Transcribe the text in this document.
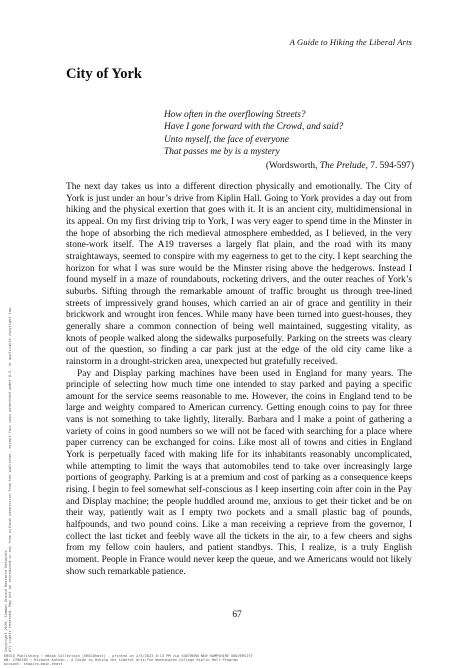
A Guide to Hiking the Liberal Arts
City of York
How often in the overflowing Streets?
Have I gone forward with the Crowd, and said?
Unto myself, the face of everyone
That passes me by is a mystery
(Wordsworth, The Prelude, 7. 594-597)

The next day takes us into a different direction physically and emotionally. The City of York is just under an hour’s drive from Kiplin Hall. Going to York provides a day out from hiking and the physical exertion that goes with it. It is an ancient city, multidimensional in its appeal. On my first driving trip to York, I was very eager to spend time in the Minster in the hope of absorbing the rich medieval atmosphere embedded, as I believed, in the very stone-work itself. The A19 traverses a largely flat plain, and the road with its many straightaways, seemed to conspire with my eagerness to get to the city. I kept searching the horizon for what I was sure would be the Minster rising above the hedgerows. Instead I found myself in a maze of roundabouts, rocketing drivers, and the outer reaches of York’s suburbs. Sifting through the remarkable amount of traffic brought us through tree-lined streets of impressively grand houses, which carried an air of grace and gentility in their brickwork and wrought iron fences. While many have been turned into guest-houses, they generally share a common connection of being well maintained, suggesting vitality, as knots of people walked along the sidewalks purposefully. Parking on the streets was cleary out of the question, so finding a car park just at the edge of the old city came like a rainstorm in a drought-stricken area, unexpected but gratefully received.

Pay and Display parking machines have been used in England for many years. The principle of selecting how much time one intended to stay parked and paying a specific amount for the service seems reasonable to me. However, the coins in England tend to be large and weighty compared to American currency. Getting enough coins to pay for three vans is not something to take lightly, literally. Barbara and I make a point of gathering a variety of coins in good numbers so we will not be faced with searching for a place where paper currency can be exchanged for coins. Like most all of towns and cities in England York is perpetually faced with making life for its inhabitants reasonably uncomplicated, while attempting to limit the ways that automobiles tend to take over increasingly large portions of geography. Parking is at a premium and cost of parking as a consequence keeps rising. I begin to feel somewhat self-conscious as I keep inserting coin after coin in the Pay and Display machine; the people huddled around me, anxious to get their ticket and be on their way, patiently wait as I empty two pockets and a small plastic bag of pounds, halfpounds, and two pound coins. Like a man receiving a reprieve from the governor, I collect the last ticket and feebly wave all the tickets in the air, to a few cheers and sighs from my fellow coin haulers, and patient standbys. This, I realize, is a truly English moment. People in France would never keep the queue, and we Americans would not likely show such remarkable patience.

67
Copyright 2020. Common Ground Research Networks. All rights reserved. May not be reproduced in any form without permission from the publisher, except fair uses permitted under U.S. or applicable copyright law.
EBSCO Publishing : eBook Collection (EBSCOhost) - printed on 2/3/2023 8:13 PM via SOUTHERN NEW HAMPSHIRE UNIVERSITY
AN: 2700785 ; Richard Kathan.; A Guide to Hiking the Liberal Arts:The Washington College Kiplin Hall Program
Account: shapiro.main.ehost
